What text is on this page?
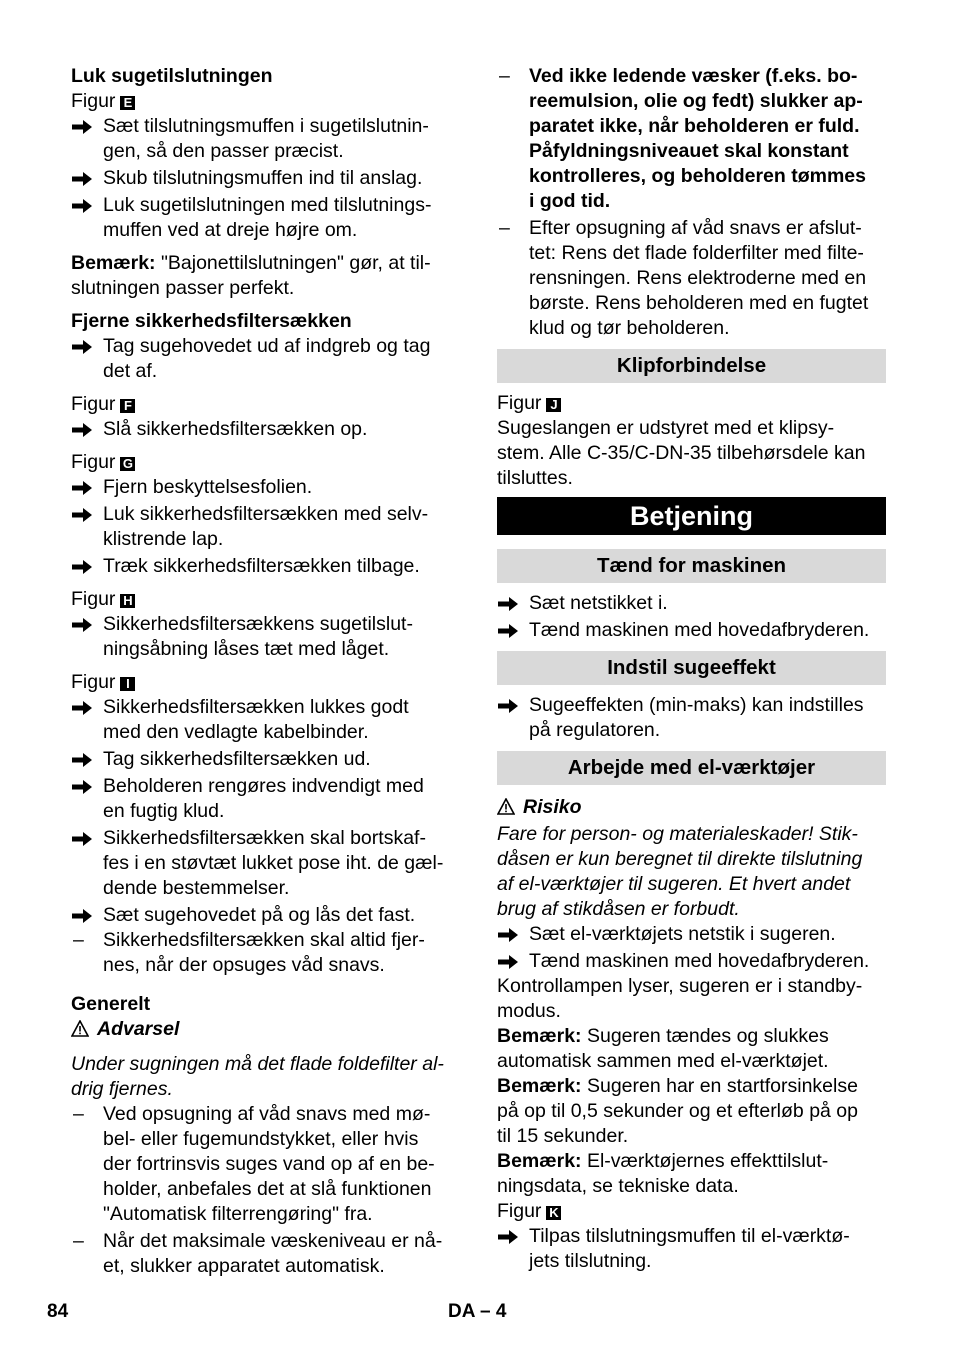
Luk sugetilslutningen
Figur E
Sæt tilslutningsmuffen i sugetilslutnin-
gen, så den passer præcist.
Skub tilslutningsmuffen ind til anslag.
Luk sugetilslutningen med tilslutnings-
muffen ved at dreje højre om.
Bemærk: "Bajonettilslutningen" gør, at til-
slutningen passer perfekt.
Fjerne sikkerhedsfiltersækken
Tag sugehovedet ud af indgreb og tag
det af.
Figur F
Slå sikkerhedsfiltersækken op.
Figur G
Fjern beskyttelsesfolien.
Luk sikkerhedsfiltersækken med selv-
klistrende lap.
Træk sikkerhedsfiltersækken tilbage.
Figur H
Sikkerhedsfiltersækkens sugetilslut-
ningsåbning låses tæt med låget.
Figur I
Sikkerhedsfiltersækken lukkes godt
med den vedlagte kabelbinder.
Tag sikkerhedsfiltersækken ud.
Beholderen rengøres indvendigt med
en fugtig klud.
Sikkerhedsfiltersækken skal bortskaf-
fes i en støvtæt lukket pose iht. de gæl-
dende bestemmelser.
Sæt sugehovedet på og lås det fast.
– Sikkerhedsfiltersækken skal altid fjer-
nes, når der opsuges våd snavs.
Generelt
Advarsel
Under sugningen må det flade foldefilter al-
drig fjernes.
– Ved opsugning af våd snavs med mø-
bel- eller fugemundstykket, eller hvis
der fortrinsvis suges vand op af en be-
holder, anbefales det at slå funktionen
"Automatisk filterrengøring" fra.
– Når det maksimale væskeniveau er nå-
et, slukker apparatet automatisk.
– Ved ikke ledende væsker (f.eks. bo-
reemulsion, olie og fedt) slukker ap-
paratet ikke, når beholderen er fuld.
Påfyldningsniveauet skal konstant
kontrolleres, og beholderen tømmes
i god tid.
– Efter opsugning af våd snavs er afslut-
tet: Rens det flade folderfilter med filte-
rensningen. Rens elektroderne med en
børste. Rens beholderen med en fugtet
klud og tør beholderen.
Klipforbindelse
Figur J
Sugeslangen er udstyret med et klipsy-
stem. Alle C-35/C-DN-35 tilbehørsdele kan
tilsluttes.
Betjening
Tænd for maskinen
Sæt netstikket i.
Tænd maskinen med hovedafbryderen.
Indstil sugeeffekt
Sugeeffekten (min-maks) kan indstilles
på regulatoren.
Arbejde med el-værktøjer
Risiko
Fare for person- og materialeskader! Stik-
dåsen er kun beregnet til direkte tilslutning
af el-værktøjer til sugeren. Et hvert andet
brug af stikdåsen er forbudt.
Sæt el-værktøjets netstik i sugeren.
Tænd maskinen med hovedafbryderen.
Kontrollampen lyser, sugeren er i standby-
modus.
Bemærk: Sugeren tændes og slukkes
automatisk sammen med el-værktøjet.
Bemærk: Sugeren har en startforsinkelse
på op til 0,5 sekunder og et efterløb på op
til 15 sekunder.
Bemærk: El-værktøjernes effekttilslut-
ningsdata, se tekniske data.
Figur K
Tilpas tilslutningsmuffen til el-værktø-
jets tilslutning.
84	DA – 4
